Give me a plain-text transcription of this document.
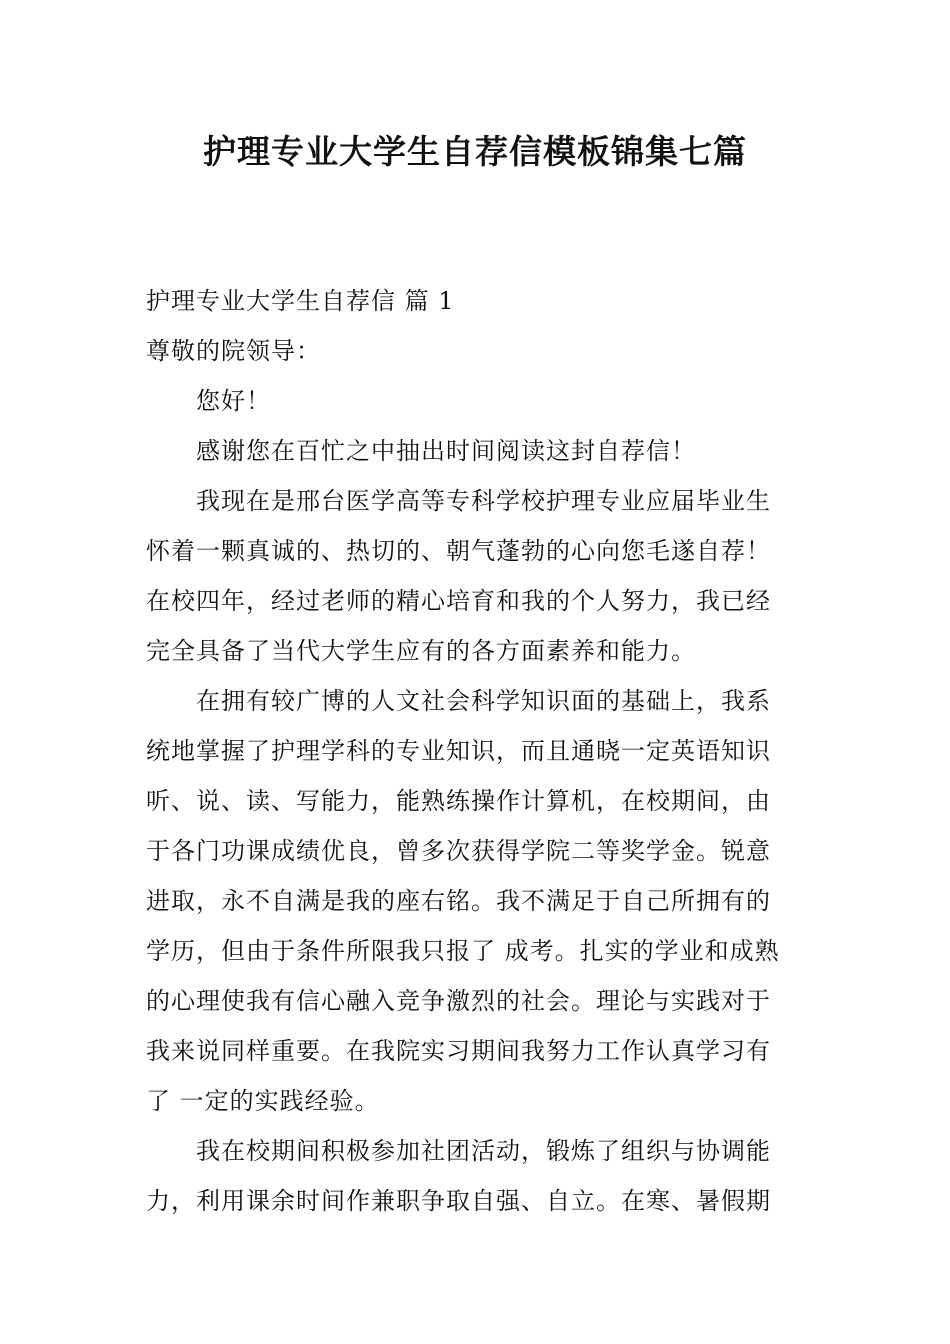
护理专业大学生自荐信模板锦集七篇
护理专业大学生自荐信 篇 1
尊敬的院领导：
您好！
感谢您在百忙之中抽出时间阅读这封自荐信！
我现在是邢台医学高等专科学校护理专业应届毕业生
怀着一颗真诚的、热切的、朝气蓬勃的心向您毛遂自荐！
在校四年，经过老师的精心培育和我的个人努力，我已经
完全具备了当代大学生应有的各方面素养和能力。
在拥有较广博的人文社会科学知识面的基础上，我系
统地掌握了护理学科的专业知识，而且通晓一定英语知识
听、说、读、写能力，能熟练操作计算机，在校期间，由
于各门功课成绩优良，曾多次获得学院二等奖学金。锐意
进取，永不自满是我的座右铭。我不满足于自己所拥有的
学历，但由于条件所限我只报了 成考。扎实的学业和成熟
的心理使我有信心融入竞争激烈的社会。理论与实践对于
我来说同样重要。在我院实习期间我努力工作认真学习有
了 一定的实践经验。
我在校期间积极参加社团活动，锻炼了组织与协调能
力，利用课余时间作兼职争取自强、自立。在寒、暑假期
